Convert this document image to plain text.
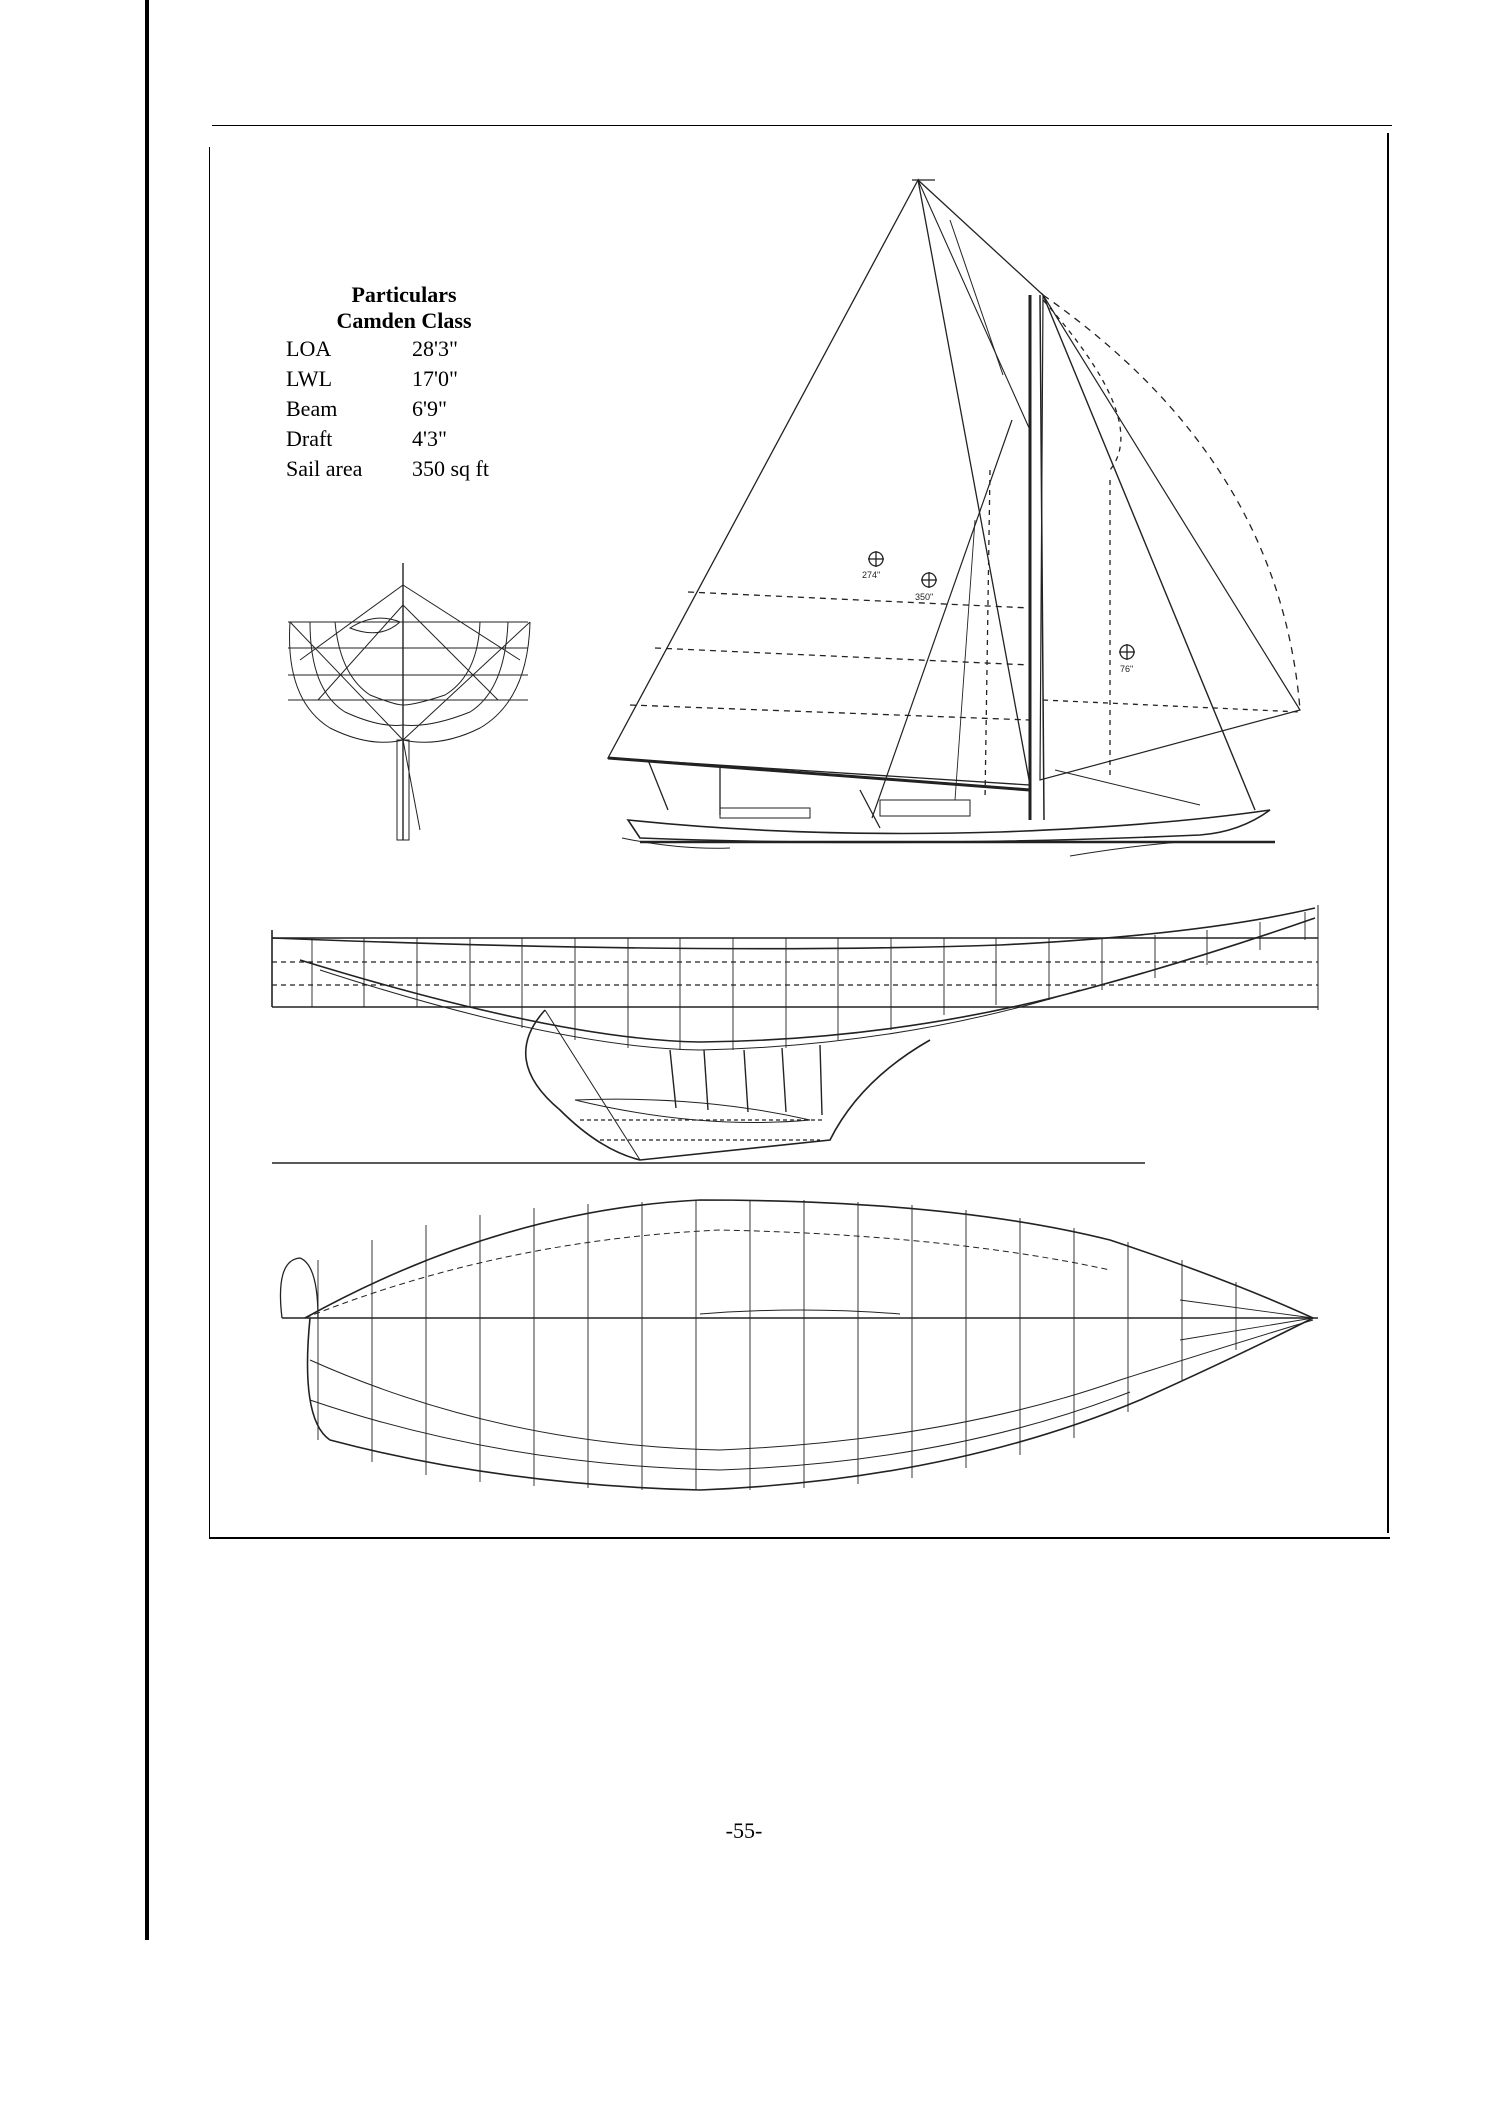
Particulars
Camden Class
LOA	28'3"
LWL	17'0"
Beam	6'9"
Draft	4'3"
Sail area	350 sq ft
350"
76"
274"
-55-
